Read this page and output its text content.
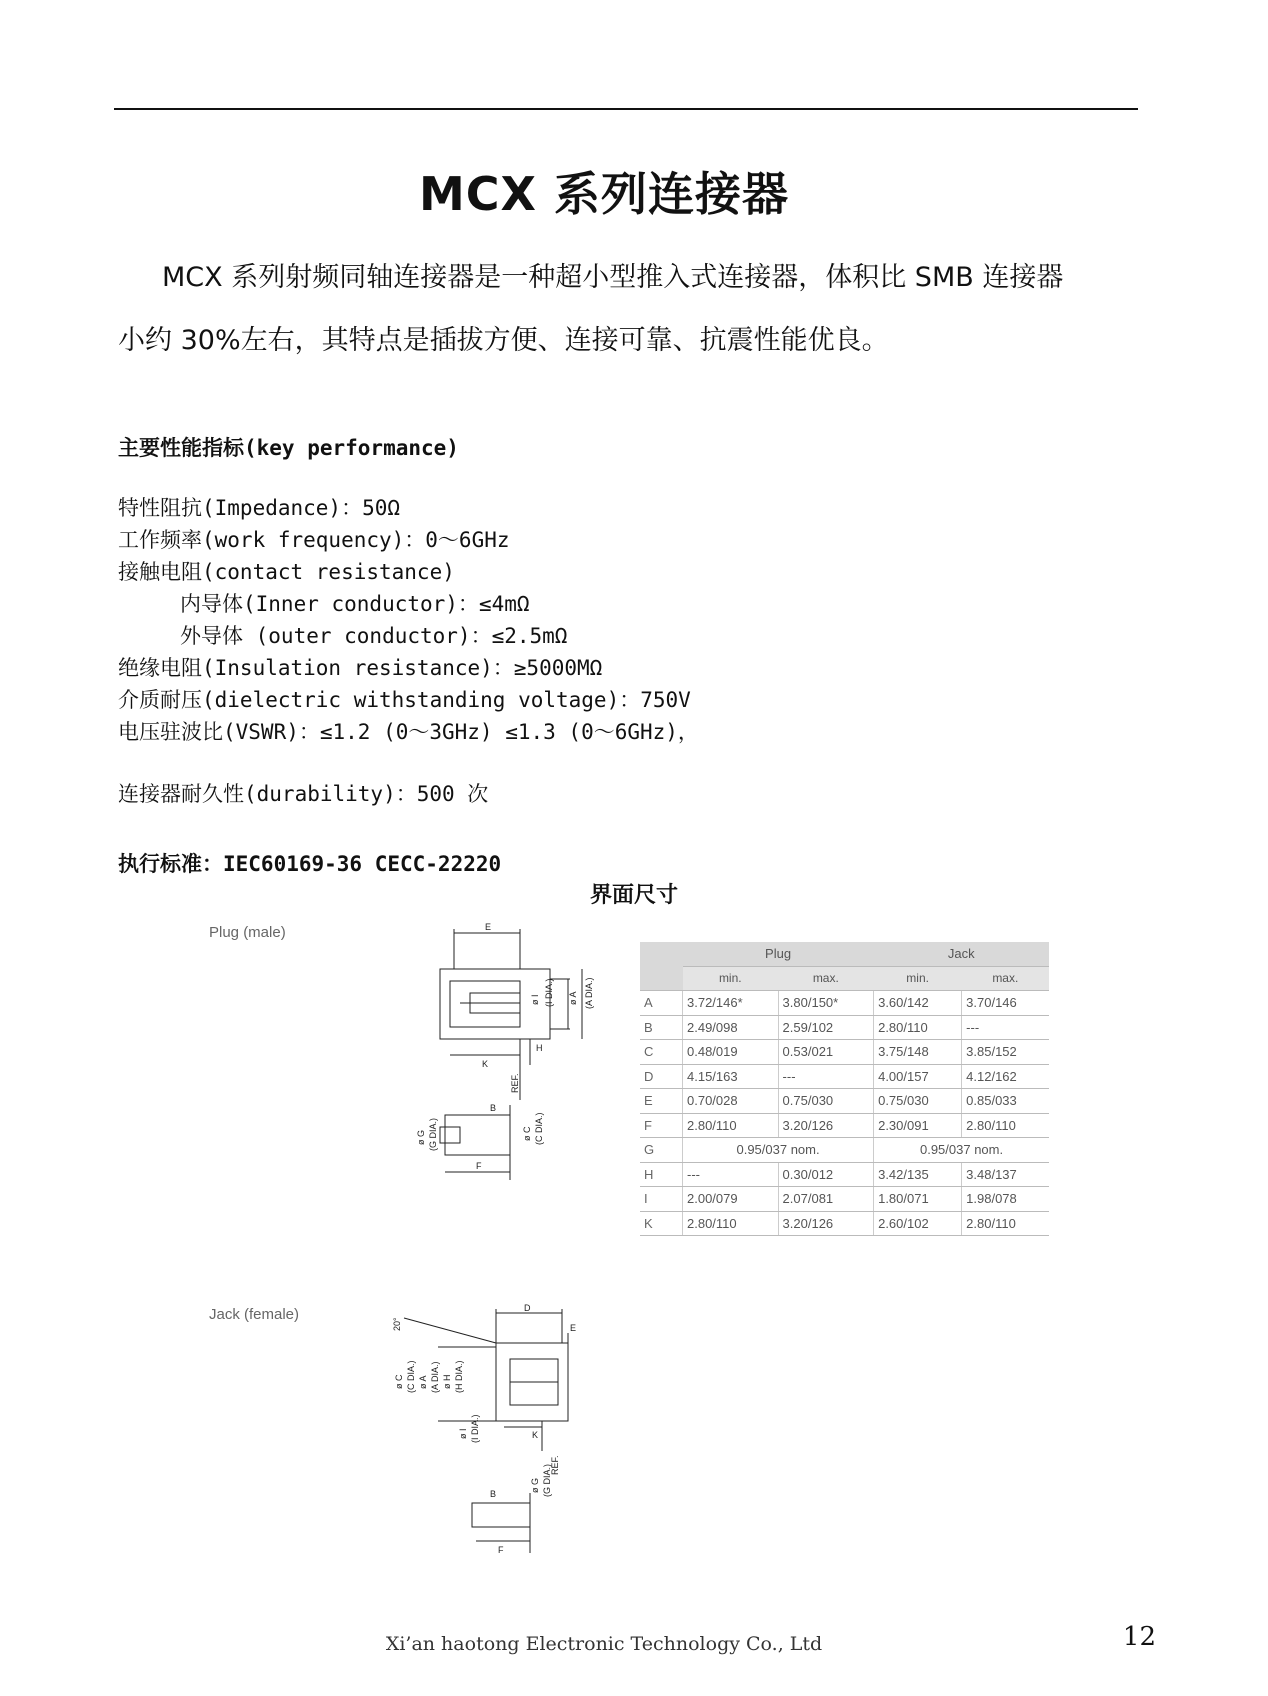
MCX 系列连接器
MCX 系列射频同轴连接器是一种超小型推入式连接器，体积比 SMB 连接器
小约 30%左右，其特点是插拔方便、连接可靠、抗震性能优良。
主要性能指标(key performance)
特性阻抗(Impedance)：50Ω
工作频率(work frequency)：0～6GHz
接触电阻(contact resistance)
内导体(Inner conductor)：≤4mΩ
外导体 (outer conductor)：≤2.5mΩ
绝缘电阻(Insulation resistance)：≥5000MΩ
介质耐压(dielectric withstanding voltage)：750V
电压驻波比(VSWR)：≤1.2 (0～3GHz) ≤1.3 (0～6GHz)，
连接器耐久性(durability)：500 次
执行标准：IEC60169-36 CECC-22220
界面尺寸
Plug (male)
Jack (female)
E
ø I (I DIA.) ø A (A DIA.)
H
K
REF.
B
ø G (G DIA.)	ø C (C DIA.)
F
D
E
20°
ø C (C DIA.) ø A (A DIA.) ø H (H DIA.)
ø I (I DIA.)	K
REF.
ø G (G DIA.)
B
F
	Plug		Jack	
	min.	max.	min.	max.
A	3.72/146*	3.80/150*	3.60/142	3.70/146
B	2.49/098	2.59/102	2.80/110	---
C	0.48/019	0.53/021	3.75/148	3.85/152
D	4.15/163	---	4.00/157	4.12/162
E	0.70/028	0.75/030	0.75/030	0.85/033
F	2.80/110	3.20/126	2.30/091	2.80/110
G	0.95/037 nom.		0.95/037 nom.	
H	---	0.30/012	3.42/135	3.48/137
I	2.00/079	2.07/081	1.80/071	1.98/078
K	2.80/110	3.20/126	2.60/102	2.80/110
Xi’an haotong Electronic Technology Co., Ltd	12
